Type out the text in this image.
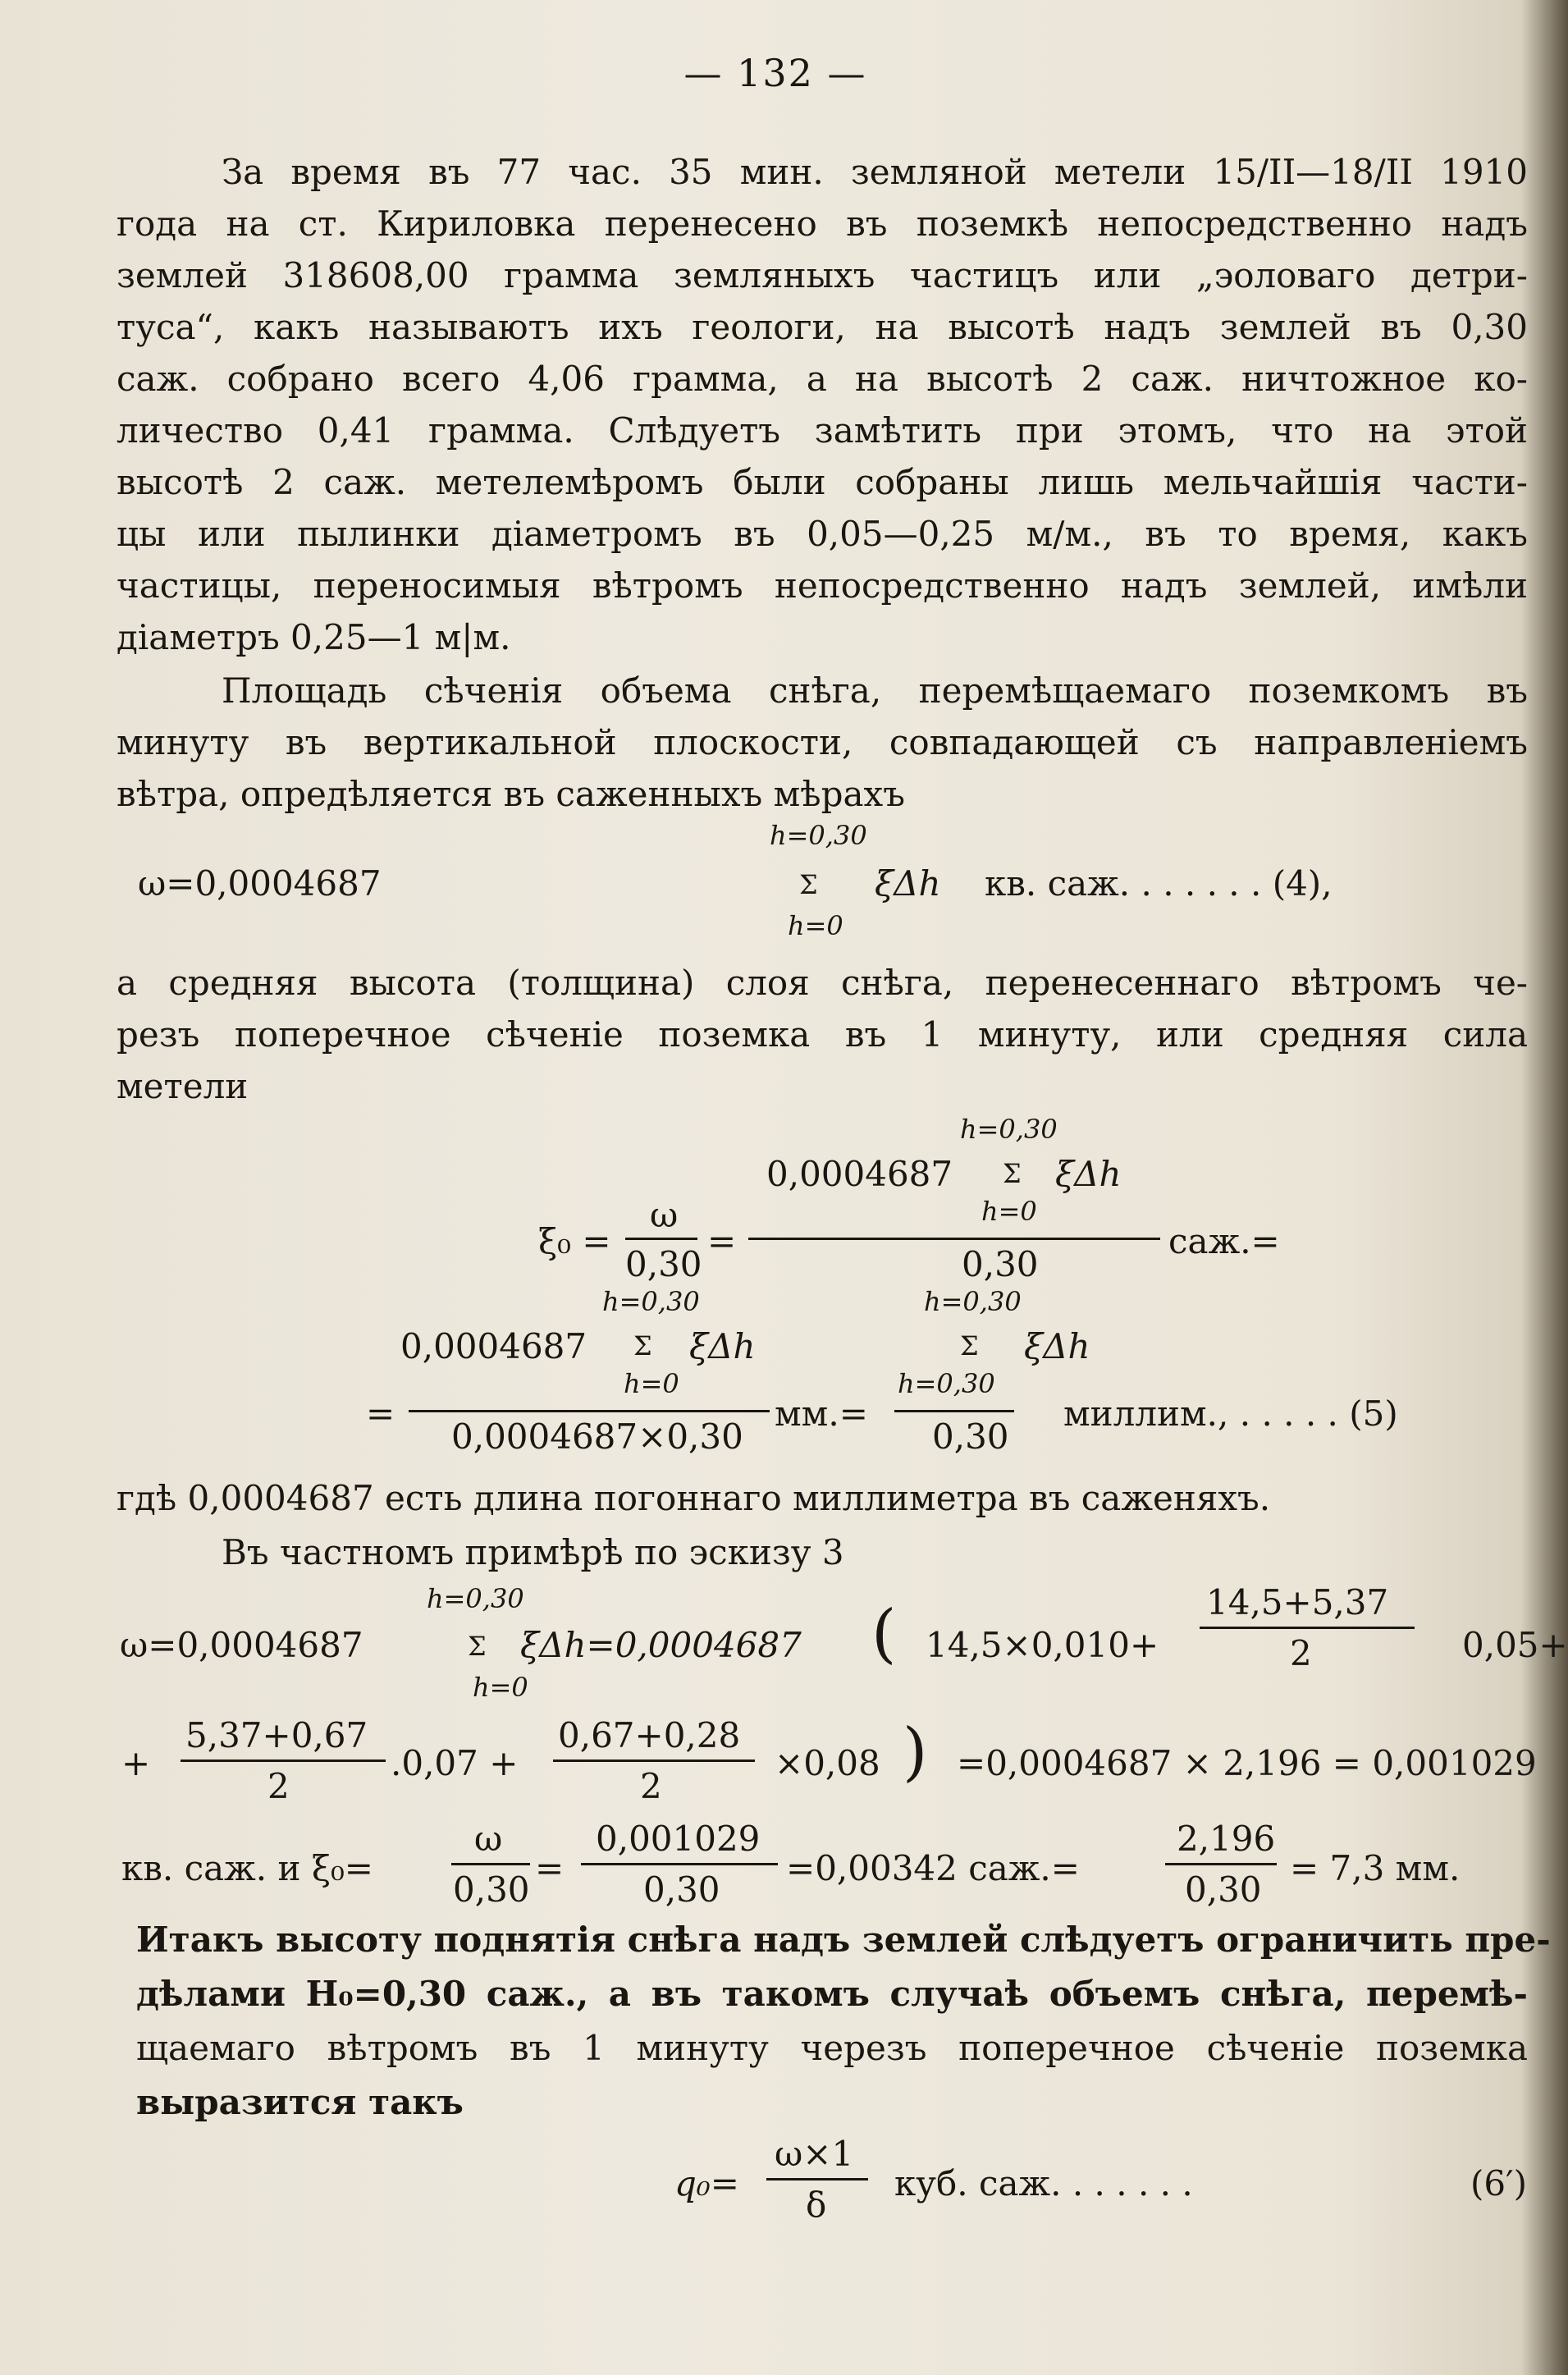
— 132 —
За время въ 77 час. 35 мин. земляной метели 15/II—18/II 1910
года на ст. Кириловка перенесено въ поземкѣ непосредственно надъ
землей 318608,00 грамма земляныхъ частицъ или „эоловаго детри-
туса“, какъ называютъ ихъ геологи, на высотѣ надъ землей въ 0,30
саж. собрано всего 4,06 грамма, а на высотѣ 2 саж. ничтожное ко-
личество 0,41 грамма. Слѣдуетъ замѣтить при этомъ, что на этой
высотѣ 2 саж. метелемѣромъ были собраны лишь мельчайшія части-
цы или пылинки діаметромъ въ 0,05—0,25 м/м., въ то время, какъ
частицы, переносимыя вѣтромъ непосредственно надъ землей, имѣли
діаметръ 0,25—1 м|м.
Площадь сѣченія объема снѣга, перемѣщаемаго поземкомъ въ
минуту въ вертикальной плоскости, совпадающей съ направленіемъ
вѣтра, опредѣляется въ саженныхъ мѣрахъ
ω=0,0004687
h=0,30
Σ
h=0
ξΔh кв. саж. . . . . . . (4),
а средняя высота (толщина) слоя снѣга, перенесеннаго вѣтромъ че-
резъ поперечное сѣченіе поземка въ 1 минуту, или средняя сила
метели
h=0,30
0,0004687 Σ ξΔh
h=0
ξ₀ =
ω
0,30
=
0,30
саж.=
h=0,30
0,0004687 Σ ξΔh
h=0
=
0,0004687×0,30
мм.=
h=0,30
Σ ξΔh
h=0,30
0,30
миллим., . . . . . (5)
гдѣ 0,0004687 есть длина погоннаго миллиметра въ саженяхъ.
Въ частномъ примѣрѣ по эскизу 3
ω=0,0004687
h=0,30
Σ
h=0
ξΔh=0,0004687 ( 14,5×0,010+
14,5+5,37
2	0,05+
+
5,37+0,67
2
.0,07 +
0,67+0,28
2
×0,08 ) =0,0004687 × 2,196 = 0,001029
кв. саж. и ξ₀=
ω
0,30
=
0,001029
0,30
=0,00342 саж.=
2,196
0,30
= 7,3 мм.
Итакъ высоту поднятія снѣга надъ землей слѣдуетъ ограничить пре-
дѣлами H₀=0,30 саж., а въ такомъ случаѣ объемъ снѣга, перемѣ-
щаемаго вѣтромъ въ 1 минуту черезъ поперечное сѣченіе поземка
выразится такъ
q₀=
ω×1
δ
куб. саж. . . . . . .	(6′)
